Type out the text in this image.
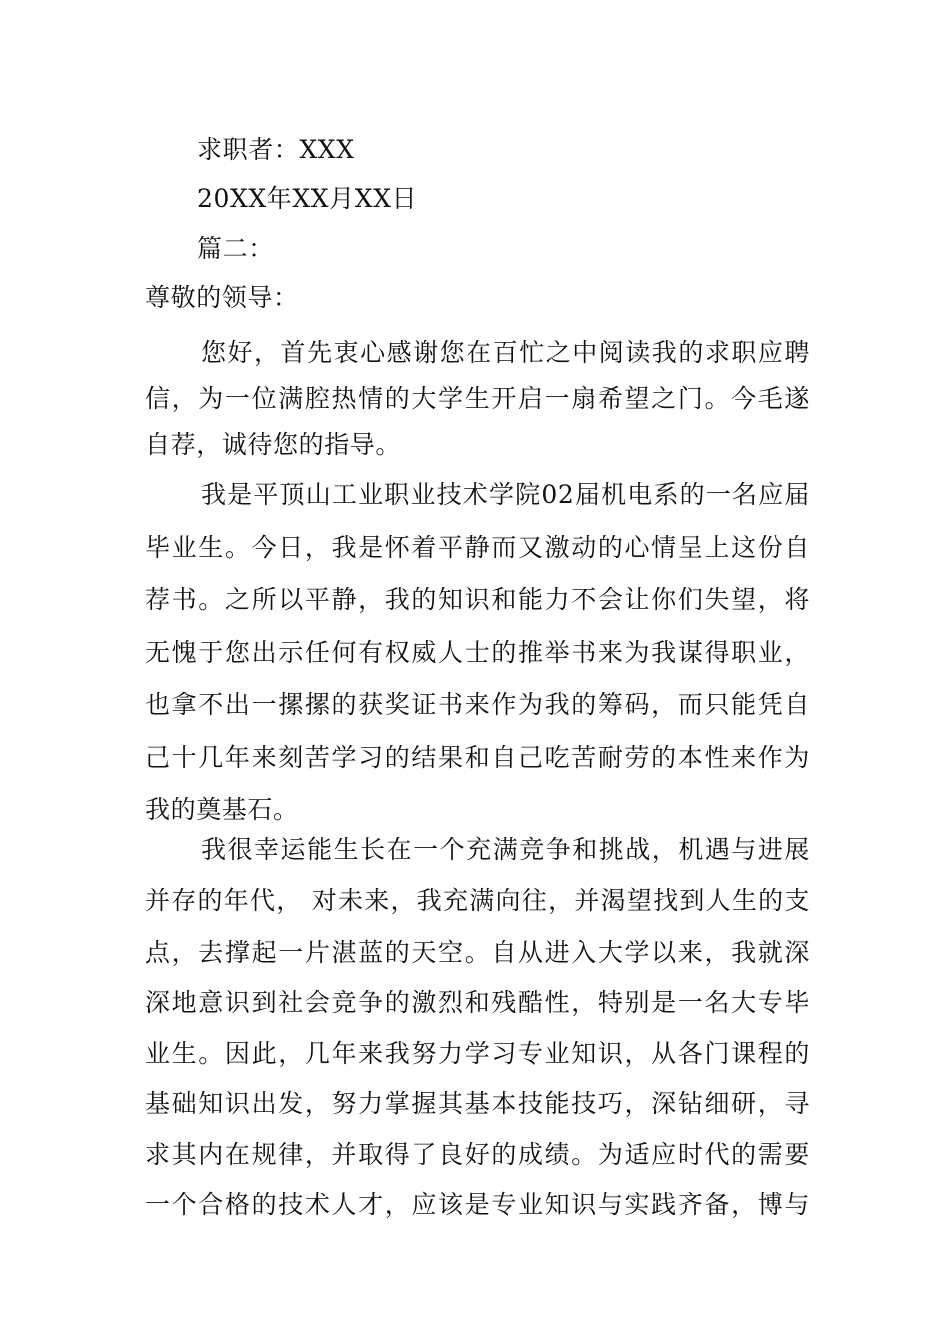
求职者：XXX
20XX年XX月XX日
篇二：
尊敬的领导：
您好，首先衷心感谢您在百忙之中阅读我的求职应聘
信，为一位满腔热情的大学生开启一扇希望之门。今毛遂
自荐，诚待您的指导。
我是平顶山工业职业技术学院02届机电系的一名应届
毕业生。今日，我是怀着平静而又激动的心情呈上这份自
荐书。之所以平静，我的知识和能力不会让你们失望，将
无愧于您出示任何有权威人士的推举书来为我谋得职业，
也拿不出一摞摞的获奖证书来作为我的筹码，而只能凭自
己十几年来刻苦学习的结果和自己吃苦耐劳的本性来作为
我的奠基石。
我很幸运能生长在一个充满竞争和挑战，机遇与进展
并存的年代， 对未来，我充满向往，并渴望找到人生的支
点，去撑起一片湛蓝的天空。自从进入大学以来，我就深
深地意识到社会竞争的激烈和残酷性，特别是一名大专毕
业生。因此，几年来我努力学习专业知识，从各门课程的
基础知识出发，努力掌握其基本技能技巧，深钻细研，寻
求其内在规律，并取得了良好的成绩。为适应时代的需要
一个合格的技术人才，应该是专业知识与实践齐备，博与
